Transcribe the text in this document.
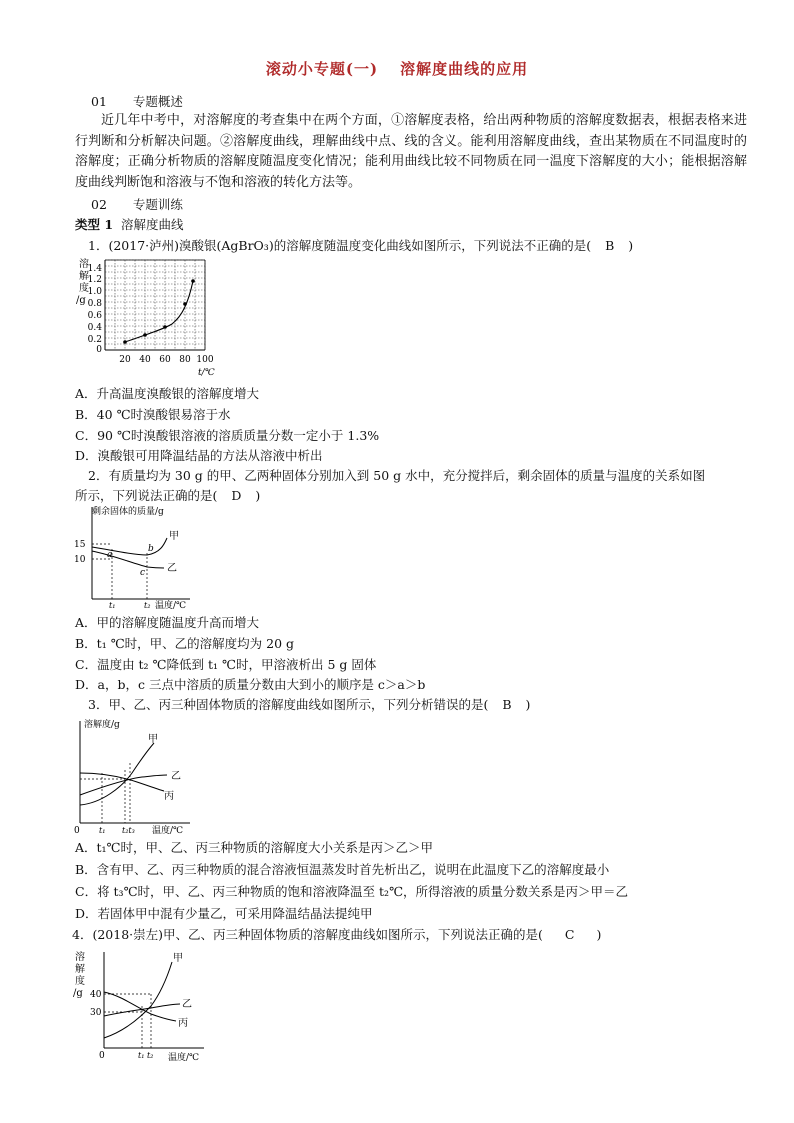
滚动小专题(一) 溶解度曲线的应用
01 专题概述
近几年中考中，对溶解度的考查集中在两个方面，①溶解度表格，给出两种物质的溶解度数据表，根据表格来进行判断和分析解决问题。②溶解度曲线，理解曲线中点、线的含义。能利用溶解度曲线，查出某物质在不同温度时的溶解度；正确分析物质的溶解度随温度变化情况；能利用曲线比较不同物质在同一温度下溶解度的大小；能根据溶解度曲线判断饱和溶液与不饱和溶液的转化方法等。
02 专题训练
类型 1 溶解度曲线
1．(2017·泸州)溴酸银(AgBrO₃)的溶解度随温度变化曲线如图所示，下列说法不正确的是( B )
溶
解
度
/g
1.4
1.2
1.0
0.8
0.6
0.4
0.2
0
20 40 60 80 100
t/℃
A．升高温度溴酸银的溶解度增大
B．40 ℃时溴酸银易溶于水
C．90 ℃时溴酸银溶液的溶质质量分数一定小于 1.3%
D．溴酸银可用降温结晶的方法从溶液中析出
2．有质量均为 30 g 的甲、乙两种固体分别加入到 50 g 水中，充分搅拌后，剩余固体的质量与温度的关系如图
所示，下列说法正确的是( D )
剩余固体的质量/g
15
10
甲
乙
a
b
c
t₁	t₂ 温度/℃
A．甲的溶解度随温度升高而增大
B．t₁ ℃时，甲、乙的溶解度均为 20 g
C．温度由 t₂ ℃降低到 t₁ ℃时，甲溶液析出 5 g 固体
D．a，b，c 三点中溶质的质量分数由大到小的顺序是 c＞a＞b
3．甲、乙、丙三种固体物质的溶解度曲线如图所示，下列分析错误的是( B )
溶解度/g
甲
乙
丙
0 t₁ t₂t₃ 温度/℃
A．t₁℃时，甲、乙、丙三种物质的溶解度大小关系是丙＞乙＞甲
B．含有甲、乙、丙三种物质的混合溶液恒温蒸发时首先析出乙，说明在此温度下乙的溶解度最小
C．将 t₃℃时，甲、乙、丙三种物质的饱和溶液降温至 t₂℃，所得溶液的质量分数关系是丙＞甲＝乙
D．若固体甲中混有少量乙，可采用降温结晶法提纯甲
4．(2018·崇左)甲、乙、丙三种固体物质的溶解度曲线如图所示，下列说法正确的是( C )
溶
解
度
/g 40
30
甲
乙
丙
0	t₁ t₂ 温度/℃
